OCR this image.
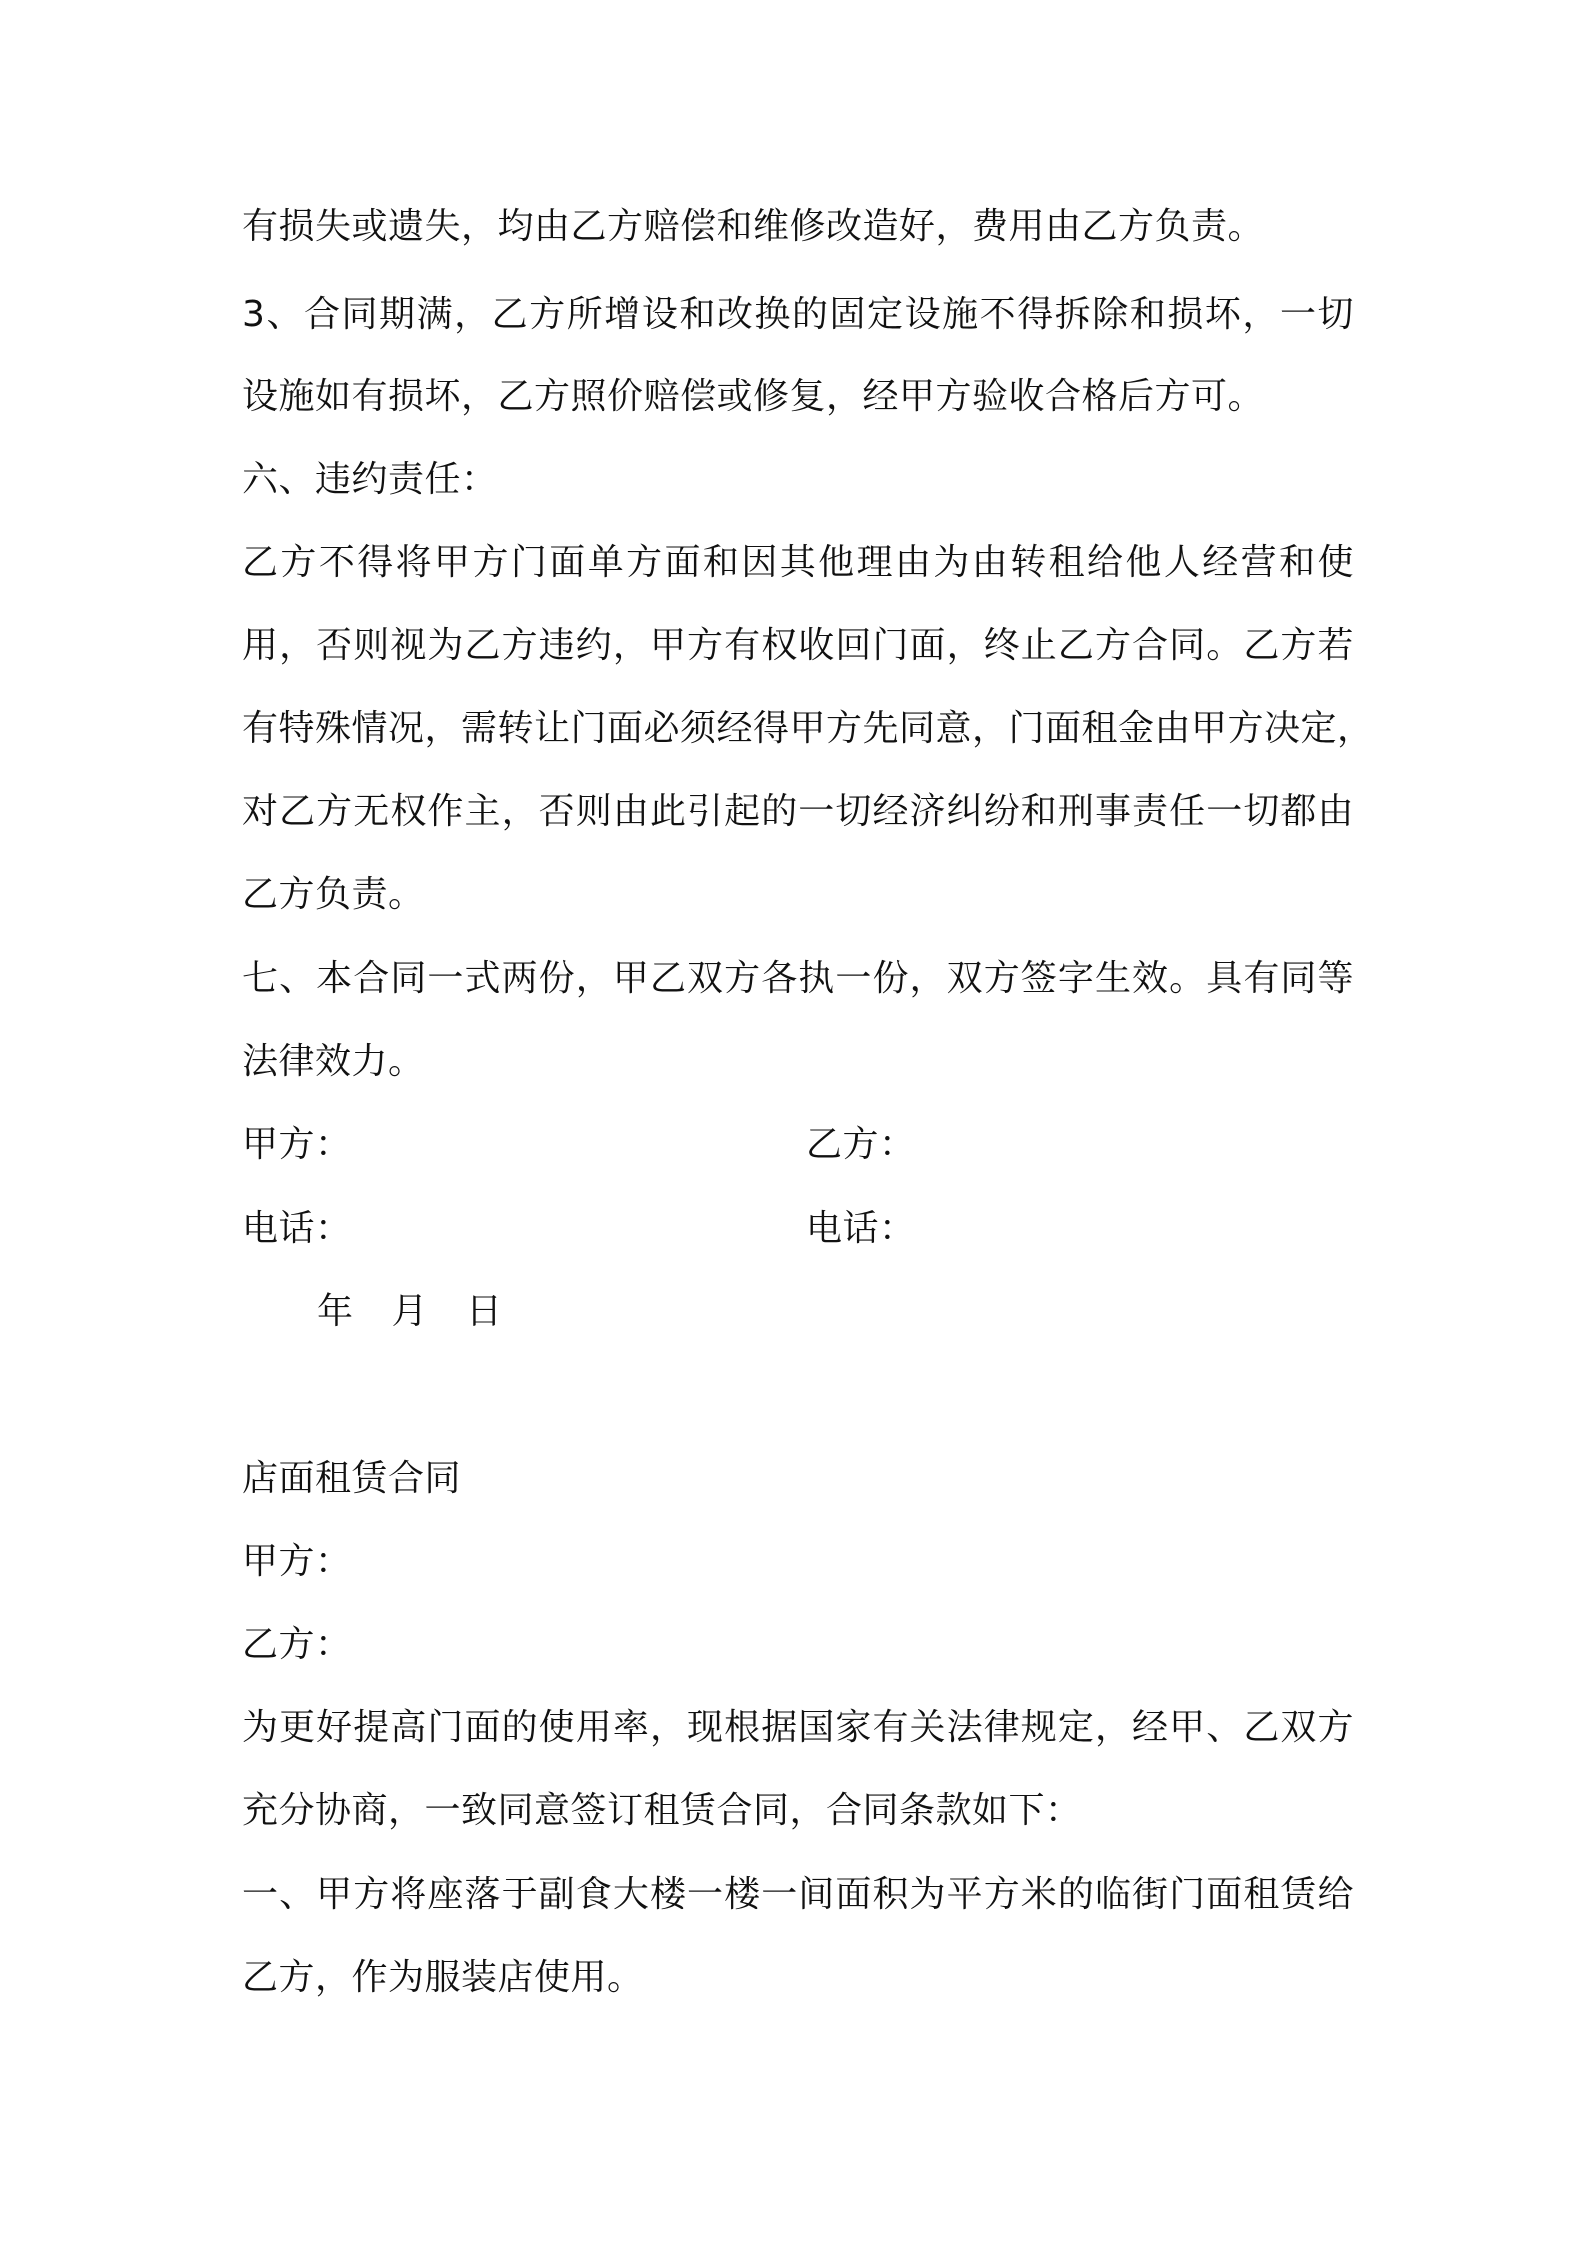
有损失或遗失，均由乙方赔偿和维修改造好，费用由乙方负责。
3、合同期满，乙方所增设和改换的固定设施不得拆除和损坏，一切
设施如有损坏，乙方照价赔偿或修复，经甲方验收合格后方可。
六、违约责任：
乙方不得将甲方门面单方面和因其他理由为由转租给他人经营和使
用，否则视为乙方违约，甲方有权收回门面，终止乙方合同。乙方若
有特殊情况，需转让门面必须经得甲方先同意，门面租金由甲方决定，
对乙方无权作主，否则由此引起的一切经济纠纷和刑事责任一切都由
乙方负责。
七、本合同一式两份，甲乙双方各执一份，双方签字生效。具有同等
法律效力。
甲方：	乙方：
电话：	电话：
年 月 日
店面租赁合同
甲方：
乙方：
为更好提高门面的使用率，现根据国家有关法律规定，经甲、乙双方
充分协商，一致同意签订租赁合同，合同条款如下：
一、甲方将座落于副食大楼一楼一间面积为平方米的临街门面租赁给
乙方，作为服装店使用。
